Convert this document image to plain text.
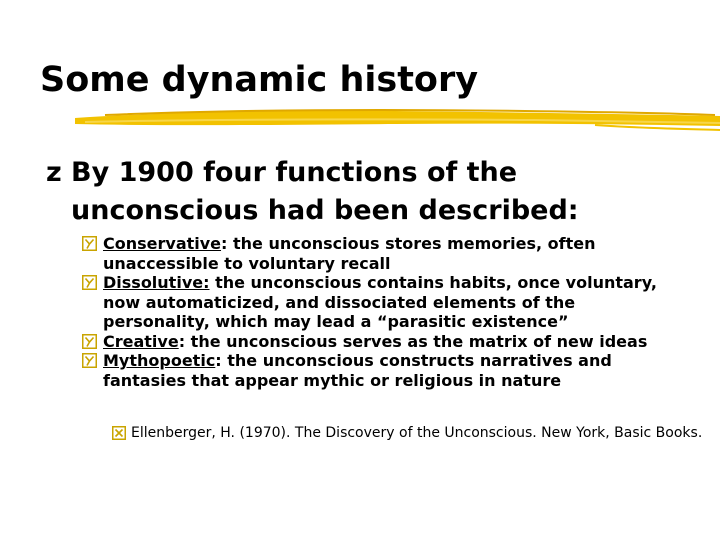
Some dynamic history
z By 1900 four functions of the unconscious had been described:

Conservative: the unconscious stores memories, often unaccessible to voluntary recall
Dissolutive: the unconscious contains habits, once voluntary, now automaticized, and dissociated elements of the personality, which may lead a “parasitic existence”
Creative: the unconscious serves as the matrix of new ideas
Mythopoetic: the unconscious constructs narratives and fantasies that appear mythic or religious in nature
Ellenberger, H. (1970). The Discovery of the Unconscious. New York, Basic Books.
